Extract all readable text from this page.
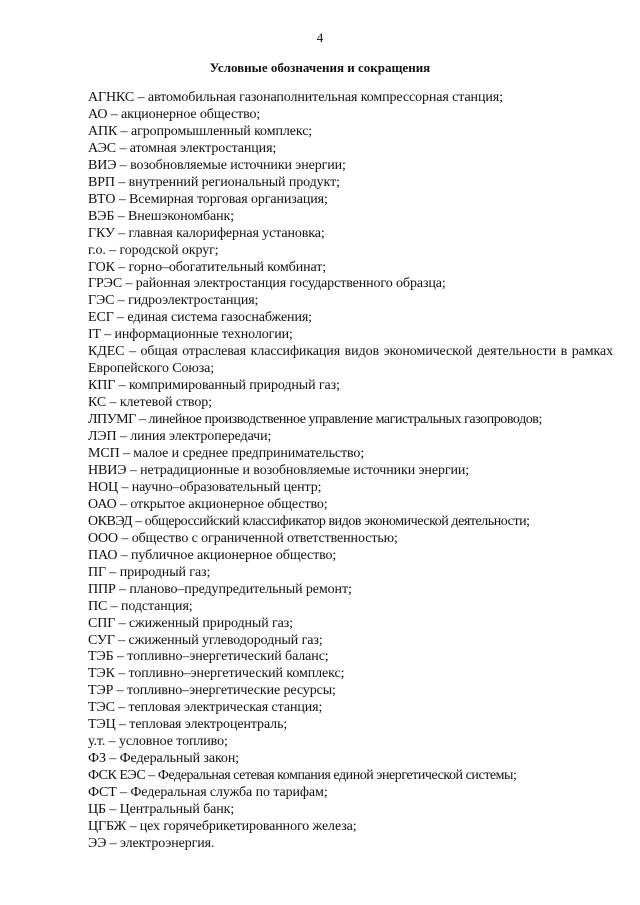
4
Условные обозначения и сокращения
АГНКС – автомобильная газонаполнительная компрессорная станция;
АО – акционерное общество;
АПК – агропромышленный комплекс;
АЭС – атомная электростанция;
ВИЭ – возобновляемые источники энергии;
ВРП – внутренний региональный продукт;
ВТО – Всемирная торговая организация;
ВЭБ – Внешэкономбанк;
ГКУ – главная калориферная установка;
г.о. – городской округ;
ГОК – горно–обогатительный комбинат;
ГРЭС – районная электростанция государственного образца;
ГЭС – гидроэлектростанция;
ЕСГ – единая система газоснабжения;
IT – информационные технологии;
КДЕС – общая отраслевая классификация видов экономической деятельности в рамках Европейского Союза;
КПГ – компримированный природный газ;
КС – клетевой створ;
ЛПУМГ – линейное производственное управление магистральных газопроводов;
ЛЭП – линия электропередачи;
МСП – малое и среднее предпринимательство;
НВИЭ – нетрадиционные и возобновляемые источники энергии;
НОЦ – научно–образовательный центр;
ОАО – открытое акционерное общество;
ОКВЭД – общероссийский классификатор видов экономической деятельности;
ООО – общество с ограниченной ответственностью;
ПАО – публичное акционерное общество;
ПГ – природный газ;
ППР – планово–предупредительный ремонт;
ПС – подстанция;
СПГ – сжиженный природный газ;
СУГ – сжиженный углеводородный газ;
ТЭБ – топливно–энергетический баланс;
ТЭК – топливно–энергетический комплекс;
ТЭР – топливно–энергетические ресурсы;
ТЭС – тепловая электрическая станция;
ТЭЦ – тепловая электроцентраль;
у.т. – условное топливо;
ФЗ – Федеральный закон;
ФСК ЕЭС – Федеральная сетевая компания единой энергетической системы;
ФСТ – Федеральная служба по тарифам;
ЦБ – Центральный банк;
ЦГБЖ – цех горячебрикетированного железа;
ЭЭ – электроэнергия.
